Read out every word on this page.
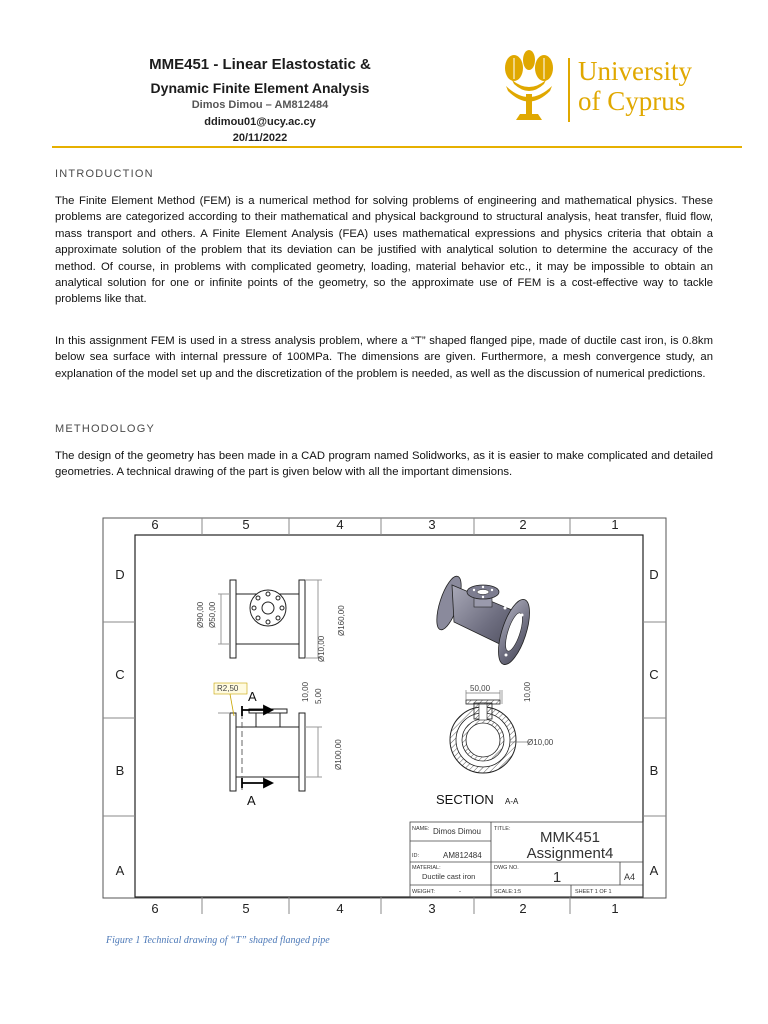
MME451 - Linear Elastostatic &
Dynamic Finite Element Analysis
Dimos Dimou – AM812484
ddimou01@ucy.ac.cy
20/11/2022
University
of Cyprus
INTRODUCTION
The Finite Element Method (FEM) is a numerical method for solving problems of engineering and mathematical physics. These problems are categorized according to their mathematical and physical background to structural analysis, heat transfer, fluid flow, mass transport and others. A Finite Element Analysis (FEA) uses mathematical expressions and physics criteria that obtain a approximate solution of the problem that its deviation can be justified with analytical solution to determine the accuracy of the method. Of course, in problems with complicated geometry, loading, material behavior etc., it may be impossible to obtain an analytical solution for one or infinite points of the geometry, so the approximate use of FEM is a cost-effective way to tackle problems like that.
In this assignment FEM is used in a stress analysis problem, where a “T” shaped flanged pipe, made of ductile cast iron, is 0.8km below sea surface with internal pressure of 100MPa. The dimensions are given. Furthermore, a mesh convergence study, an explanation of the model set up and the discretization of the problem is needed, as well as the discussion of numerical predictions.
METHODOLOGY
The design of the geometry has been made in a CAD program named Solidworks, as it is easier to make complicated and detailed geometries. A technical drawing of the part is given below with all the important dimensions.
6	5	4	3	2	1
6	5	4	3	2	1
D
C
B
A
D
C
B
A
Ø90,00 Ø50,00	Ø160,00
Ø10,00
A
A
R2,50	10,00 5,00
Ø100,00
50,00	10,00
Ø10,00
SECTION A-A
NAME: Dimos Dimou
ID:	AM812484
MATERIAL:
Ductile cast iron
WEIGHT:	-
TITLE: MMK451
Assignment4
DWG NO.
1	A4
SCALE:1:5	SHEET 1 OF 1
Figure 1 Technical drawing of “T” shaped flanged pipe
